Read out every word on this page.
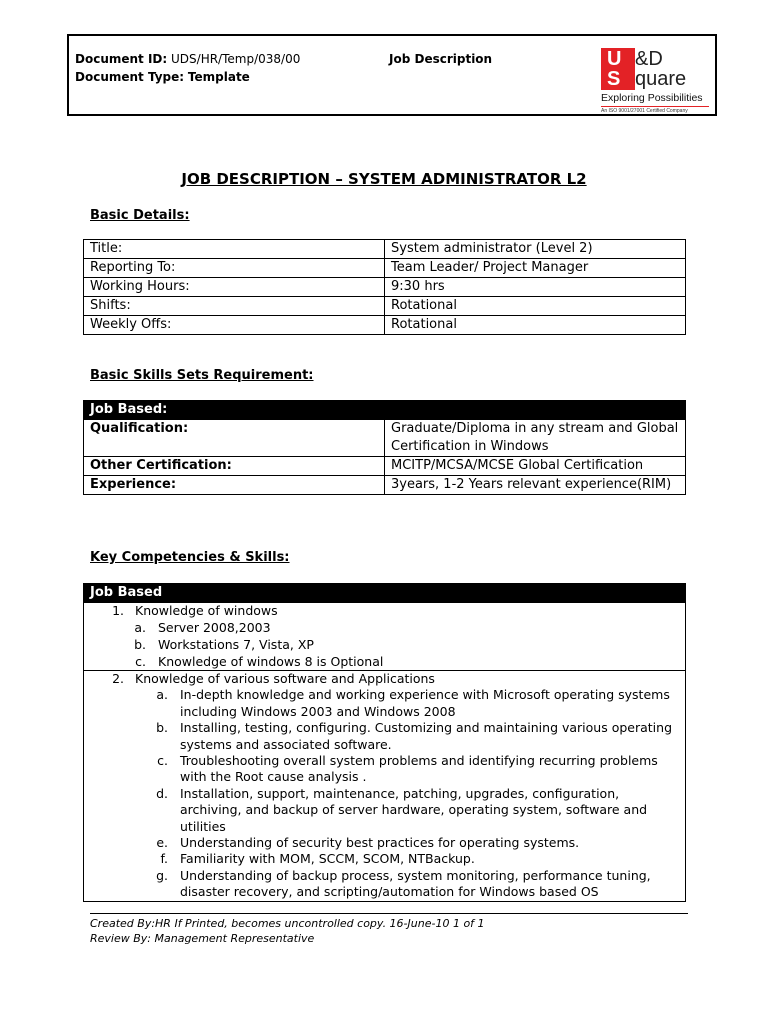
Document ID: UDS/HR/Temp/038/00
Document Type: Template
Job Description	U &D
S quare
Exploring Possibilities
An ISO 9001/27001 Certified Company
JOB DESCRIPTION – SYSTEM ADMINISTRATOR L2
Basic Details:
Title:	System administrator (Level 2)
Reporting To:	Team Leader/ Project Manager
Working Hours:	9:30 hrs
Shifts:	Rotational
Weekly Offs:	Rotational
Basic Skills Sets Requirement:
Job Based:	
Qualification:	Graduate/Diploma in any stream and Global Certification in Windows
Other Certification:	MCITP/MCSA/MCSE Global Certification
Experience:	3years, 1-2 Years relevant experience(RIM)
Key Competencies & Skills:
Job Based

1. Knowledge of windows
a. Server 2008,2003
b. Workstations 7, Vista, XP
c. Knowledge of windows 8 is Optional

2. Knowledge of various software and Applications
a. In-depth knowledge and working experience with Microsoft operating systems
including Windows 2003 and Windows 2008
b. Installing, testing, configuring. Customizing and maintaining various operating
systems and associated software.
c. Troubleshooting overall system problems and identifying recurring problems
with the Root cause analysis .
d. Installation, support, maintenance, patching, upgrades, configuration,
archiving, and backup of server hardware, operating system, software and
utilities
e. Understanding of security best practices for operating systems.
f. Familiarity with MOM, SCCM, SCOM, NTBackup.
g. Understanding of backup process, system monitoring, performance tuning,
disaster recovery, and scripting/automation for Windows based OS
Created By:HR If Printed, becomes uncontrolled copy. 16-June-10 1 of 1
Review By: Management Representative
